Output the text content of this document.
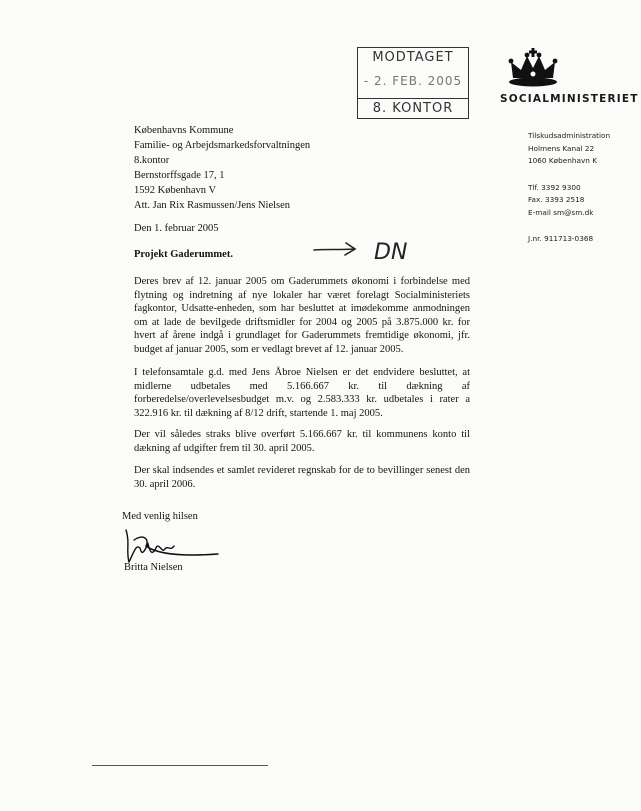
MODTAGET
- 2. FEB. 2005
8. KONTOR
SOCIALMINISTERIET
Tilskudsadministration
Holmens Kanal 22
1060 København K
Tlf. 3392 9300
Fax. 3393 2518
E-mail sm@sm.dk
J.nr. 911713-0368
Københavns Kommune
Familie- og Arbejdsmarkedsforvaltningen
8.kontor
Bernstorffsgade 17, 1
1592 København V
Att. Jan Rix Rasmussen/Jens Nielsen
Den 1. februar 2005
Projekt Gaderummet.	DN
Deres brev af 12. januar 2005 om Gaderummets økonomi i forbindelse med flytning og indretning af nye lokaler har været forelagt Socialministeriets fagkontor, Udsatte-enheden, som har besluttet at imødekomme anmodningen om at lade de bevilgede driftsmidler for 2004 og 2005 på 3.875.000 kr. for hvert af årene indgå i grundlaget for Gaderummets fremtidige økonomi, jfr. budget af januar 2005, som er vedlagt brevet af 12. januar 2005.
I telefonsamtale g.d. med Jens Åbroe Nielsen er det endvidere besluttet, at midlerne udbetales med 5.166.667 kr. til dækning af forberedelse/overlevelsesbudget m.v. og 2.583.333 kr. udbetales i rater a 322.916 kr. til dækning af 8/12 drift, startende 1. maj 2005.
Der vil således straks blive overført 5.166.667 kr. til kommunens konto til dækning af udgifter frem til 30. april 2005.
Der skal indsendes et samlet revideret regnskab for de to bevillinger senest den 30. april 2006.
Med venlig hilsen
Britta Nielsen
